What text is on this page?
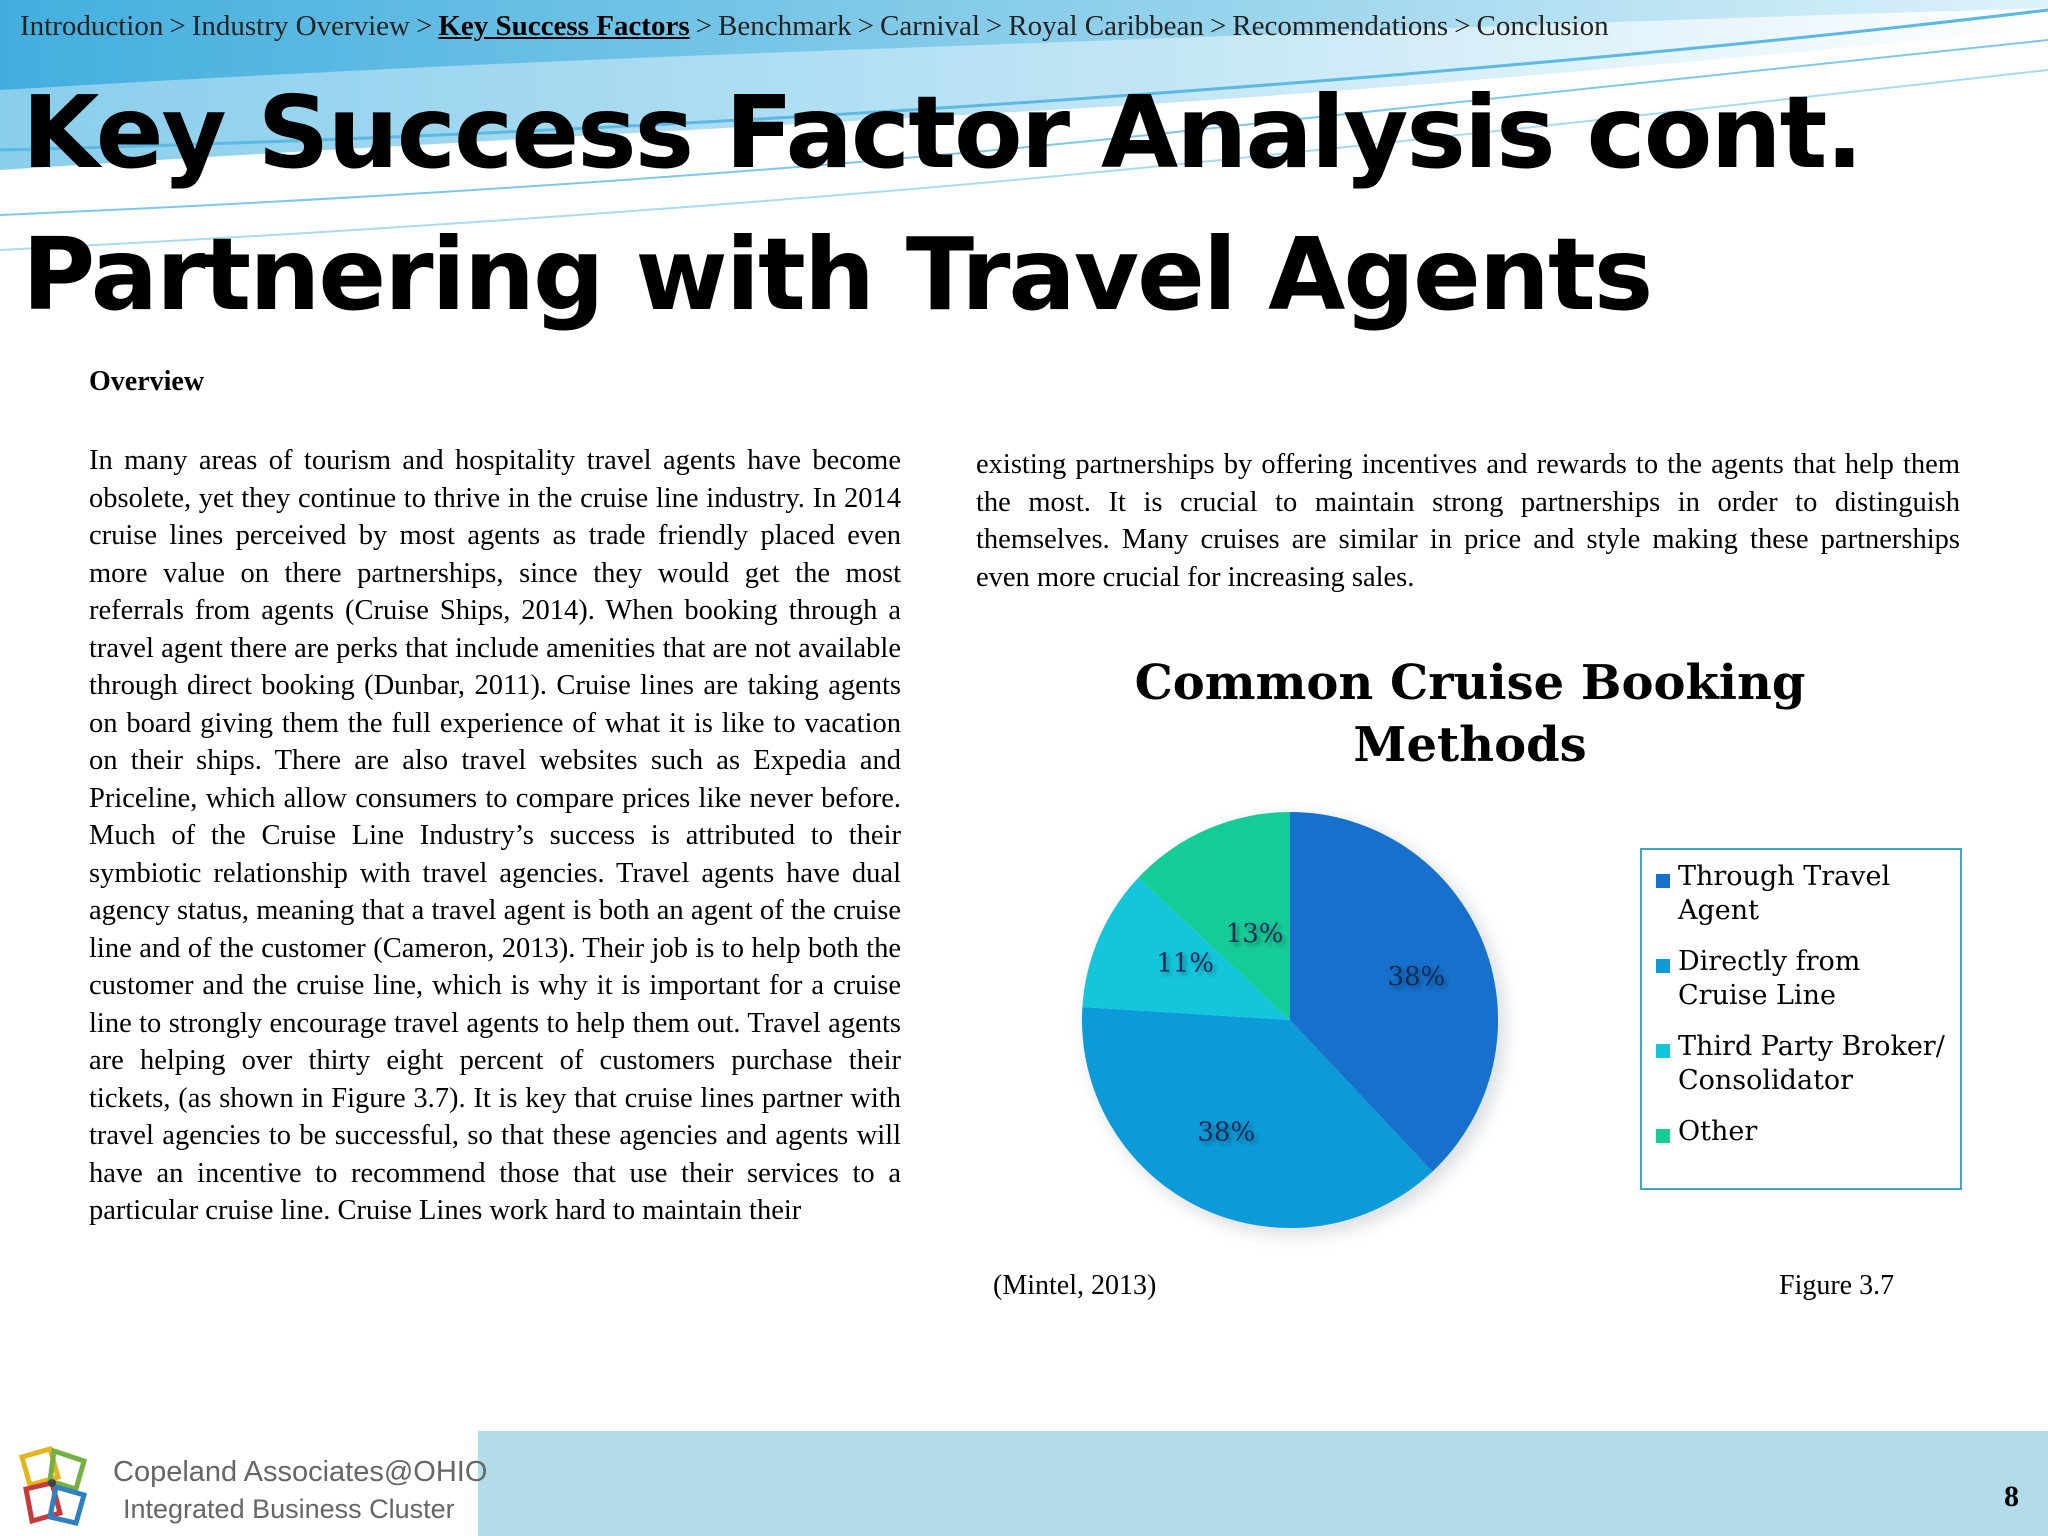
Introduction > Industry Overview > Key Success Factors > Benchmark > Carnival > Royal Caribbean > Recommendations > Conclusion
Key Success Factor Analysis cont.
Partnering with Travel Agents
Overview

In many areas of tourism and hospitality travel agents have become obsolete, yet they continue to thrive in the cruise line industry. In 2014 cruise lines perceived by most agents as trade friendly placed even more value on there partnerships, since they would get the most referrals from agents (Cruise Ships, 2014). When booking through a travel agent there are perks that include amenities that are not available through direct booking (Dunbar, 2011). Cruise lines are taking agents on board giving them the full experience of what it is like to vacation on their ships. There are also travel websites such as Expedia and Priceline, which allow consumers to compare prices like never before. Much of the Cruise Line Industry’s success is attributed to their symbiotic relationship with travel agencies. Travel agents have dual agency status, meaning that a travel agent is both an agent of the cruise line and of the customer (Cameron, 2013). Their job is to help both the customer and the cruise line, which is why it is important for a cruise line to strongly encourage travel agents to help them out. Travel agents are helping over thirty eight percent of customers purchase their tickets, (as shown in Figure 3.7). It is key that cruise lines partner with travel agencies to be successful, so that these agencies and agents will have an incentive to recommend those that use their services to a particular cruise line. Cruise Lines work hard to maintain their

existing partnerships by offering incentives and rewards to the agents that help them the most. It is crucial to maintain strong partnerships in order to distinguish themselves. Many cruises are similar in price and style making these partnerships even more crucial for increasing sales.

Common Cruise Booking Methods
38%
38%
11%
13%
Through Travel Agent
Directly from Cruise Line
Third Party Broker/ Consolidator
Other
(Mintel, 2013)	Figure 3.7
Copeland Associates@OHIO
Integrated Business Cluster	8
